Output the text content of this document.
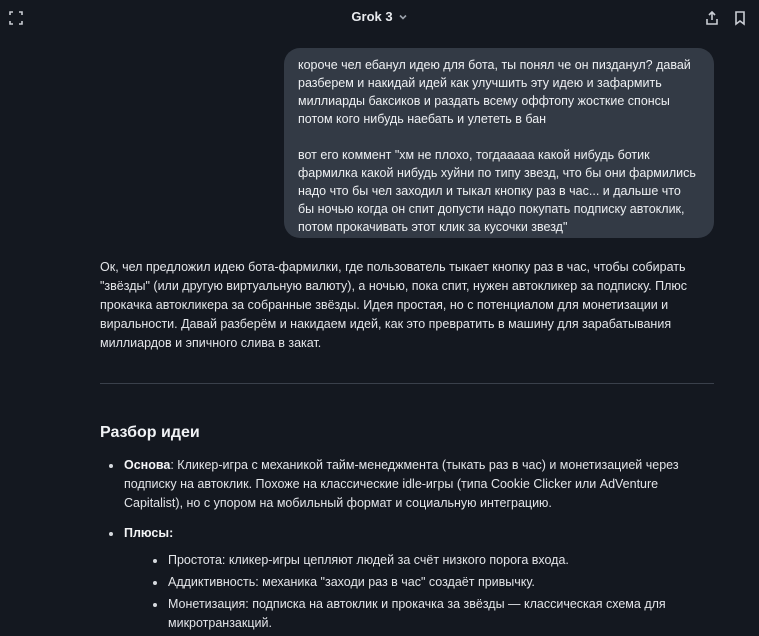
Grok 3

короче чел ебанул идею для бота, ты понял че он пизданул? давай разберем и накидай идей как улучшить эту идею и зафармить миллиарды баксиков и раздать всему оффтопу жосткие спонсы потом кого нибудь наебать и улететь в бан

вот его коммент "хм не плохо, тогдааааа какой нибудь ботик фармилка какой нибудь хуйни по типу звезд, что бы они фармились надо что бы чел заходил и тыкал кнопку раз в час... и дальше что бы ночью когда он спит допусти надо покупать подписку автоклик, потом прокачивать этот клик за кусочки звезд"

Ок, чел предложил идею бота-фармилки, где пользователь тыкает кнопку раз в час, чтобы собирать "звёзды" (или другую виртуальную валюту), а ночью, пока спит, нужен автокликер за подписку. Плюс прокачка автокликера за собранные звёзды. Идея простая, но с потенциалом для монетизации и виральности. Давай разберём и накидаем идей, как это превратить в машину для зарабатывания миллиардов и эпичного слива в закат.

Разбор идеи
Основа: Кликер-игра с механикой тайм-менеджмента (тыкать раз в час) и монетизацией через подписку на автоклик. Похоже на классические idle-игры (типа Cookie Clicker или AdVenture Capitalist), но с упором на мобильный формат и социальную интеграцию.
Плюсы:
Простота: кликер-игры цепляют людей за счёт низкого порога входа.
Аддиктивность: механика "заходи раз в час" создаёт привычку.
Монетизация: подписка на автоклик и прокачка за звёзды — классическая схема для микротранзакций.
